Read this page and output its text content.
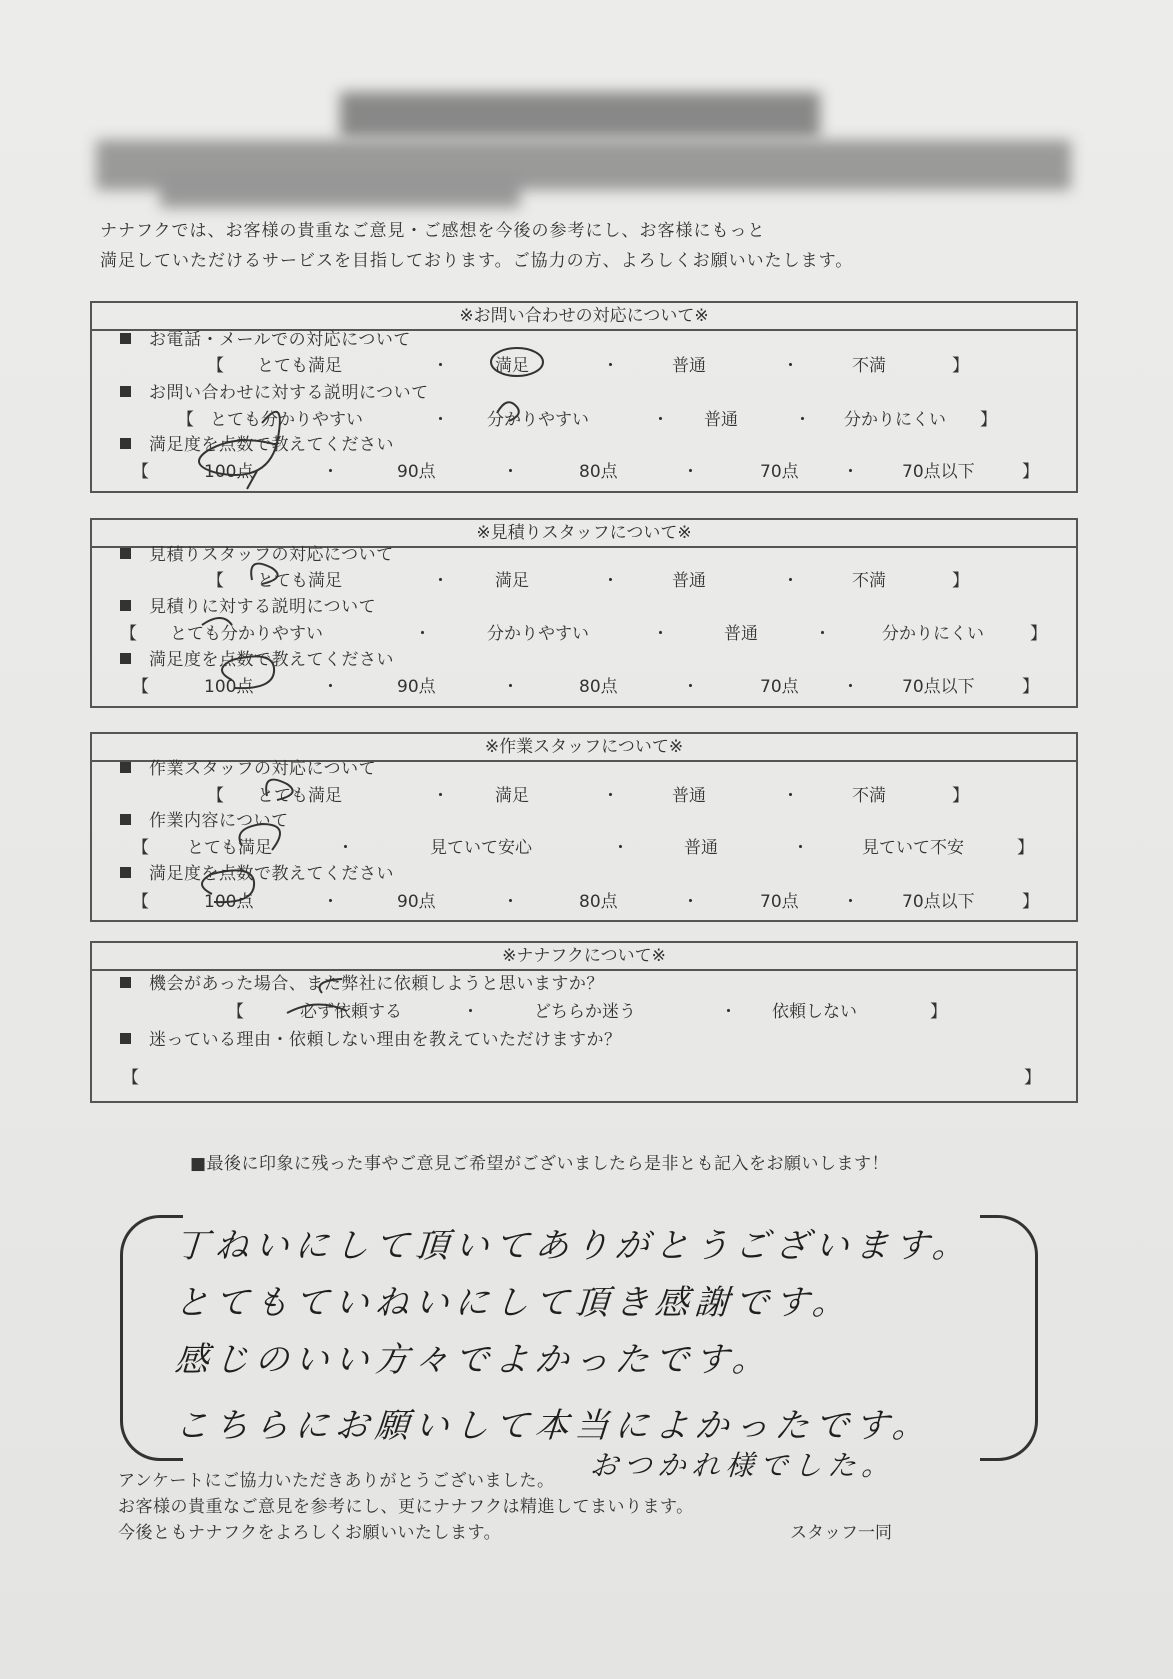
ナナフクでは、お客様の貴重なご意見・ご感想を今後の参考にし、お客様にもっと
満足していただけるサービスを目指しております。ご協力の方、よろしくお願いいたします。
※お問い合わせの対応について※
お電話・メールでの対応について
【 とても満足	・	満足	・	普通	・	不満	】
お問い合わせに対する説明について
【 とても分かりやすい	・ 分かりやすい	・ 普通	・ 分かりにくい 】
満足度を点数で教えてください
【	100点	・	90点	・	80点	・	70点	・	70点以下	】
※見積りスタッフについて※
見積りスタッフの対応について
【 とても満足	・	満足	・	普通	・	不満	】
見積りに対する説明について
【 とても分かりやすい	・	分かりやすい	・	普通	・	分かりにくい	】
満足度を点数で教えてください
【	100点	・	90点	・	80点	・	70点	・	70点以下	】
※作業スタッフについて※
作業スタッフの対応について
【 とても満足	・	満足	・	普通	・	不満	】
作業内容について
【 とても満足	・	見ていて安心	・	普通	・	見ていて不安	】
満足度を点数で教えてください
【	100点	・	90点	・	80点	・	70点	・	70点以下	】
※ナナフクについて※
機会があった場合、また弊社に依頼しようと思いますか？
【	必ず依頼する	・	どちらか迷う	・ 依頼しない	】
迷っている理由・依頼しない理由を教えていただけますか？
【	】
■最後に印象に残った事やご意見ご希望がございましたら是非とも記入をお願いします！
丁ねいにして頂いてありがとうございます。
とてもていねいにして頂き感謝です。
感じのいい方々でよかったです。
こちらにお願いして本当によかったです。
おつかれ様でした。
アンケートにご協力いただきありがとうございました。
お客様の貴重なご意見を参考にし、更にナナフクは精進してまいります。
今後ともナナフクをよろしくお願いいたします。	スタッフ一同
